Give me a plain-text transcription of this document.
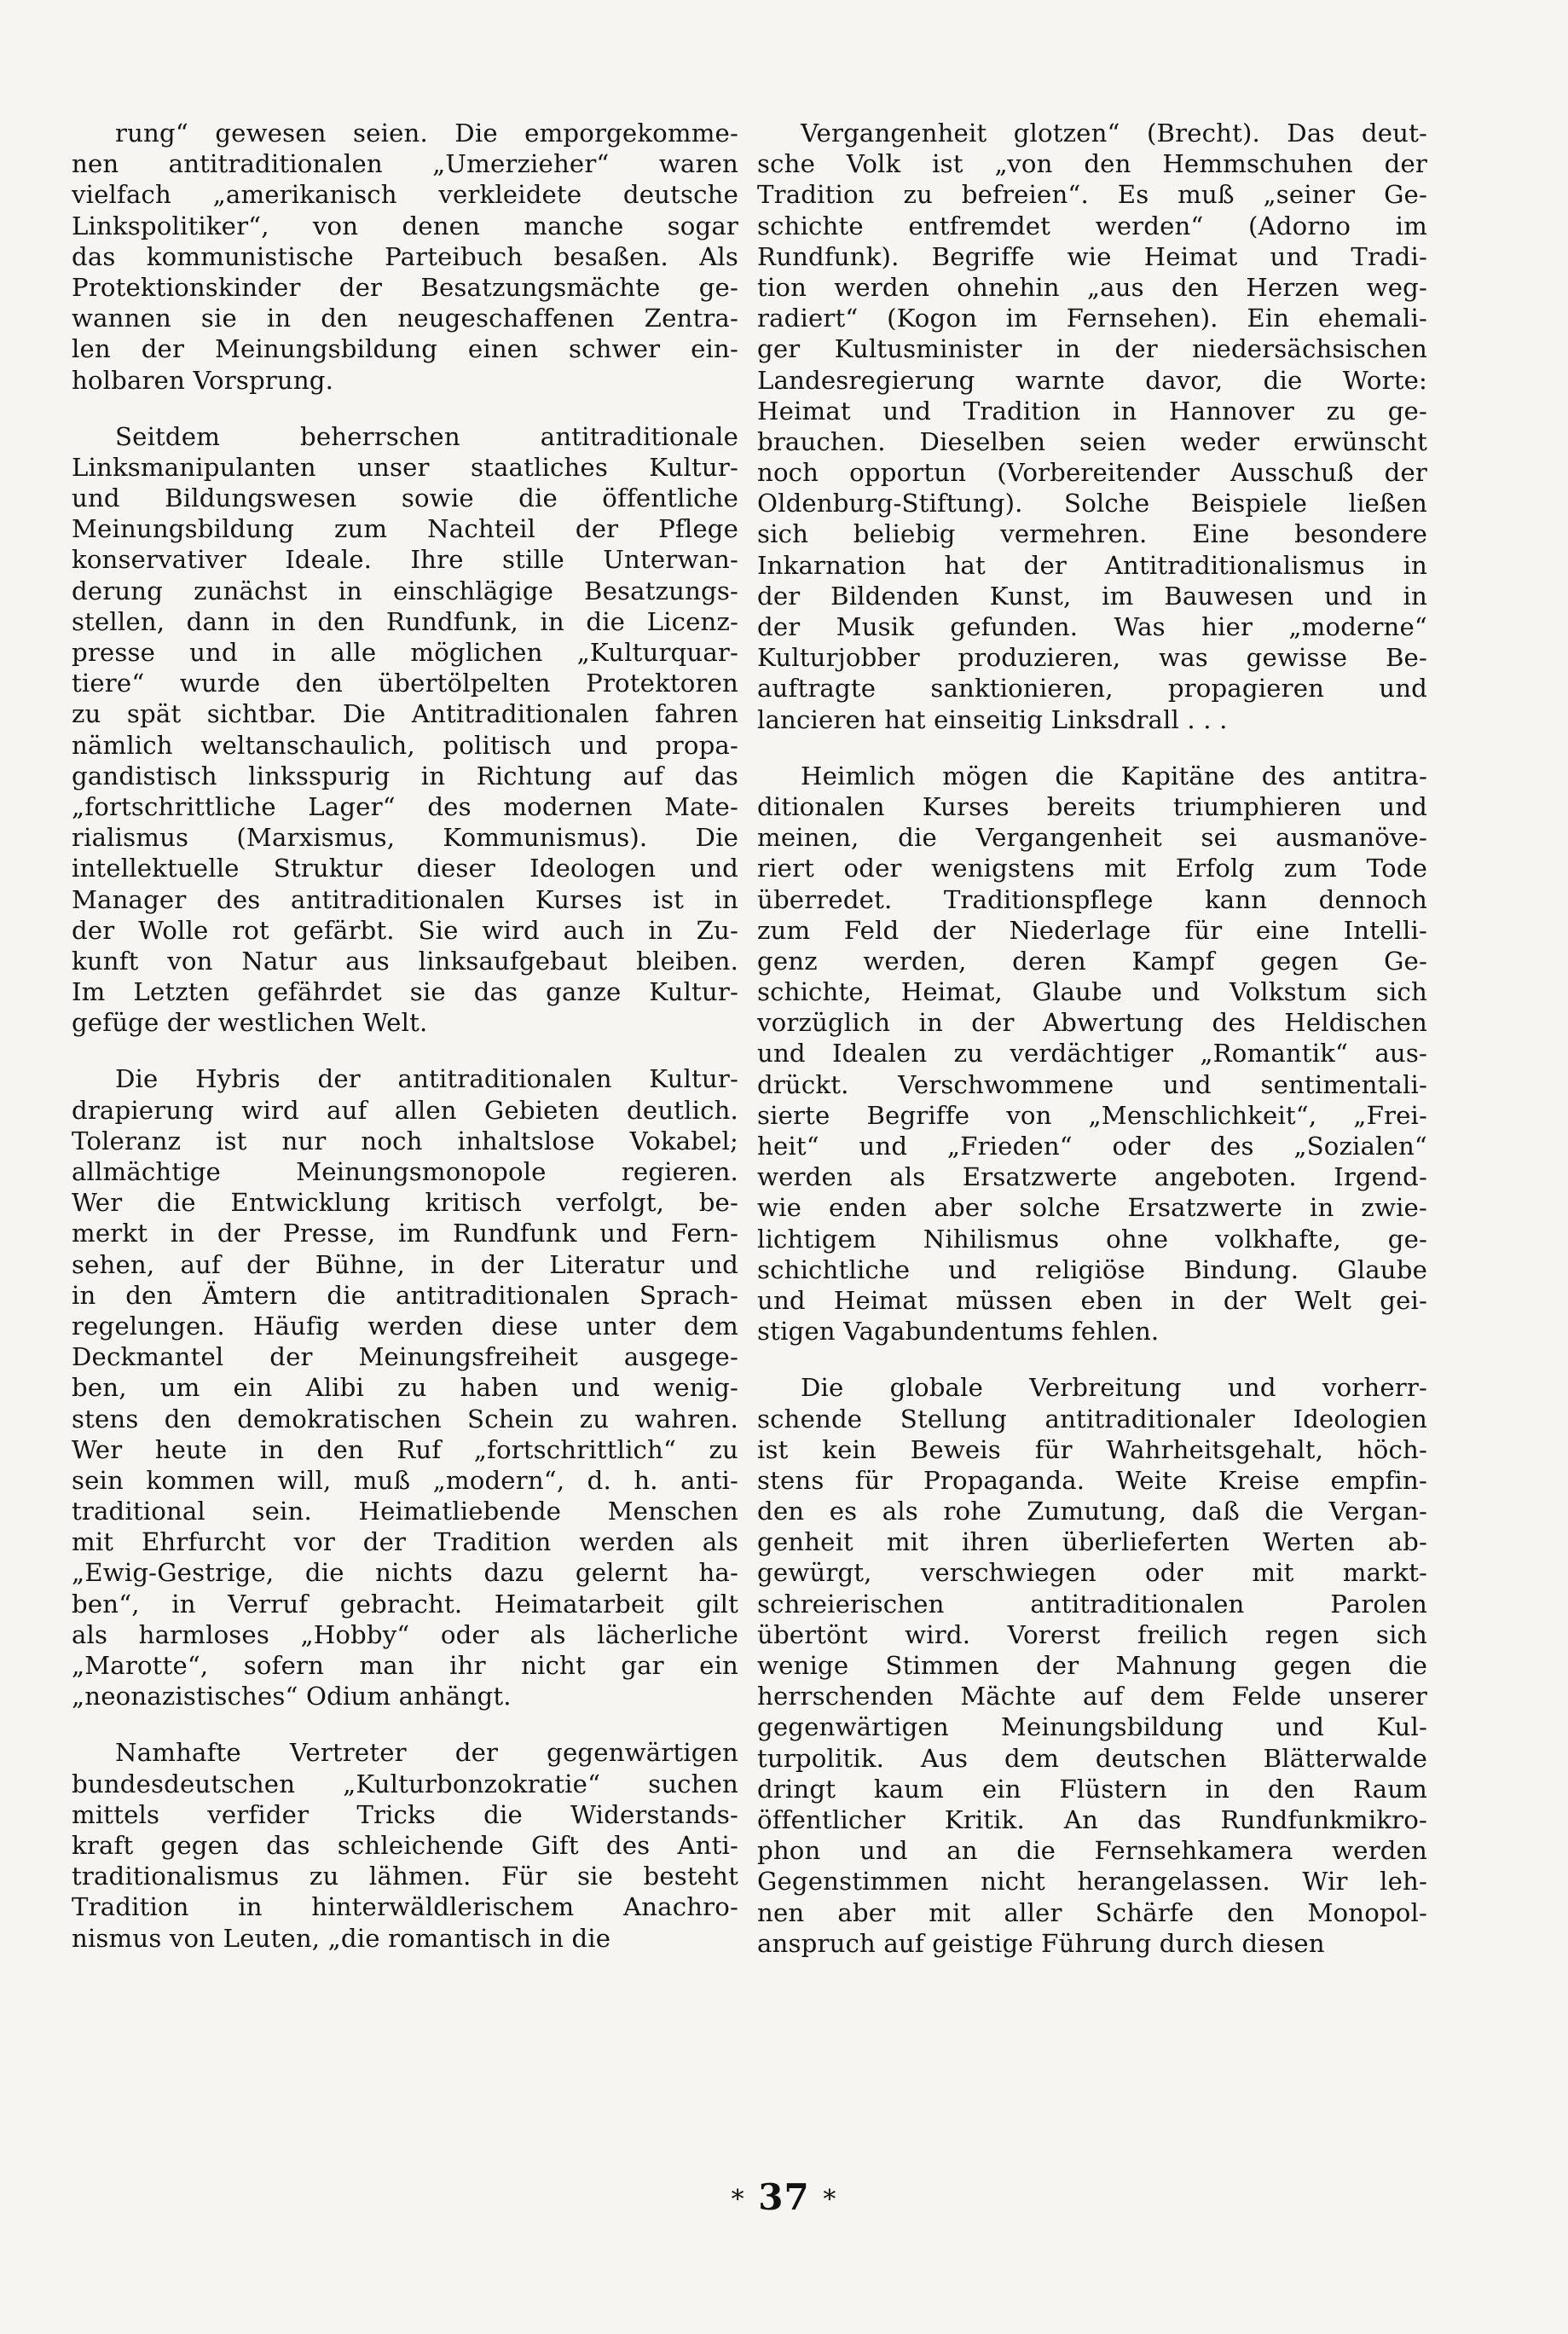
rung“ gewesen seien. Die emporgekomme-
nen antitraditionalen „Umerzieher“ waren
vielfach „amerikanisch verkleidete deutsche
Linkspolitiker“, von denen manche sogar
das kommunistische Parteibuch besaßen. Als
Protektionskinder der Besatzungsmächte ge-
wannen sie in den neugeschaffenen Zentra-
len der Meinungsbildung einen schwer ein-
holbaren Vorsprung.
Seitdem beherrschen antitraditionale
Linksmanipulanten unser staatliches Kultur-
und Bildungswesen sowie die öffentliche
Meinungsbildung zum Nachteil der Pflege
konservativer Ideale. Ihre stille Unterwan-
derung zunächst in einschlägige Besatzungs-
stellen, dann in den Rundfunk, in die Licenz-
presse und in alle möglichen „Kulturquar-
tiere“ wurde den übertölpelten Protektoren
zu spät sichtbar. Die Antitraditionalen fahren
nämlich weltanschaulich, politisch und propa-
gandistisch linksspurig in Richtung auf das
„fortschrittliche Lager“ des modernen Mate-
rialismus (Marxismus, Kommunismus). Die
intellektuelle Struktur dieser Ideologen und
Manager des antitraditionalen Kurses ist in
der Wolle rot gefärbt. Sie wird auch in Zu-
kunft von Natur aus linksaufgebaut bleiben.
Im Letzten gefährdet sie das ganze Kultur-
gefüge der westlichen Welt.
Die Hybris der antitraditionalen Kultur-
drapierung wird auf allen Gebieten deutlich.
Toleranz ist nur noch inhaltslose Vokabel;
allmächtige Meinungsmonopole regieren.
Wer die Entwicklung kritisch verfolgt, be-
merkt in der Presse, im Rundfunk und Fern-
sehen, auf der Bühne, in der Literatur und
in den Ämtern die antitraditionalen Sprach-
regelungen. Häufig werden diese unter dem
Deckmantel der Meinungsfreiheit ausgege-
ben, um ein Alibi zu haben und wenig-
stens den demokratischen Schein zu wahren.
Wer heute in den Ruf „fortschrittlich“ zu
sein kommen will, muß „modern“, d. h. anti-
traditional sein. Heimatliebende Menschen
mit Ehrfurcht vor der Tradition werden als
„Ewig-Gestrige, die nichts dazu gelernt ha-
ben“, in Verruf gebracht. Heimatarbeit gilt
als harmloses „Hobby“ oder als lächerliche
„Marotte“, sofern man ihr nicht gar ein
„neonazistisches“ Odium anhängt.
Namhafte Vertreter der gegenwärtigen
bundesdeutschen „Kulturbonzokratie“ suchen
mittels verfider Tricks die Widerstands-
kraft gegen das schleichende Gift des Anti-
traditionalismus zu lähmen. Für sie besteht
Tradition in hinterwäldlerischem Anachro-
nismus von Leuten, „die romantisch in die
Vergangenheit glotzen“ (Brecht). Das deut-
sche Volk ist „von den Hemmschuhen der
Tradition zu befreien“. Es muß „seiner Ge-
schichte entfremdet werden“ (Adorno im
Rundfunk). Begriffe wie Heimat und Tradi-
tion werden ohnehin „aus den Herzen weg-
radiert“ (Kogon im Fernsehen). Ein ehemali-
ger Kultusminister in der niedersächsischen
Landesregierung warnte davor, die Worte:
Heimat und Tradition in Hannover zu ge-
brauchen. Dieselben seien weder erwünscht
noch opportun (Vorbereitender Ausschuß der
Oldenburg-Stiftung). Solche Beispiele ließen
sich beliebig vermehren. Eine besondere
Inkarnation hat der Antitraditionalismus in
der Bildenden Kunst, im Bauwesen und in
der Musik gefunden. Was hier „moderne“
Kulturjobber produzieren, was gewisse Be-
auftragte sanktionieren, propagieren und
lancieren hat einseitig Linksdrall . . .
Heimlich mögen die Kapitäne des antitra-
ditionalen Kurses bereits triumphieren und
meinen, die Vergangenheit sei ausmanöve-
riert oder wenigstens mit Erfolg zum Tode
überredet. Traditionspflege kann dennoch
zum Feld der Niederlage für eine Intelli-
genz werden, deren Kampf gegen Ge-
schichte, Heimat, Glaube und Volkstum sich
vorzüglich in der Abwertung des Heldischen
und Idealen zu verdächtiger „Romantik“ aus-
drückt. Verschwommene und sentimentali-
sierte Begriffe von „Menschlichkeit“, „Frei-
heit“ und „Frieden“ oder des „Sozialen“
werden als Ersatzwerte angeboten. Irgend-
wie enden aber solche Ersatzwerte in zwie-
lichtigem Nihilismus ohne volkhafte, ge-
schichtliche und religiöse Bindung. Glaube
und Heimat müssen eben in der Welt gei-
stigen Vagabundentums fehlen.
Die globale Verbreitung und vorherr-
schende Stellung antitraditionaler Ideologien
ist kein Beweis für Wahrheitsgehalt, höch-
stens für Propaganda. Weite Kreise empfin-
den es als rohe Zumutung, daß die Vergan-
genheit mit ihren überlieferten Werten ab-
gewürgt, verschwiegen oder mit markt-
schreierischen antitraditionalen Parolen
übertönt wird. Vorerst freilich regen sich
wenige Stimmen der Mahnung gegen die
herrschenden Mächte auf dem Felde unserer
gegenwärtigen Meinungsbildung und Kul-
turpolitik. Aus dem deutschen Blätterwalde
dringt kaum ein Flüstern in den Raum
öffentlicher Kritik. An das Rundfunkmikro-
phon und an die Fernsehkamera werden
Gegenstimmen nicht herangelassen. Wir leh-
nen aber mit aller Schärfe den Monopol-
anspruch auf geistige Führung durch diesen
* 37 *
